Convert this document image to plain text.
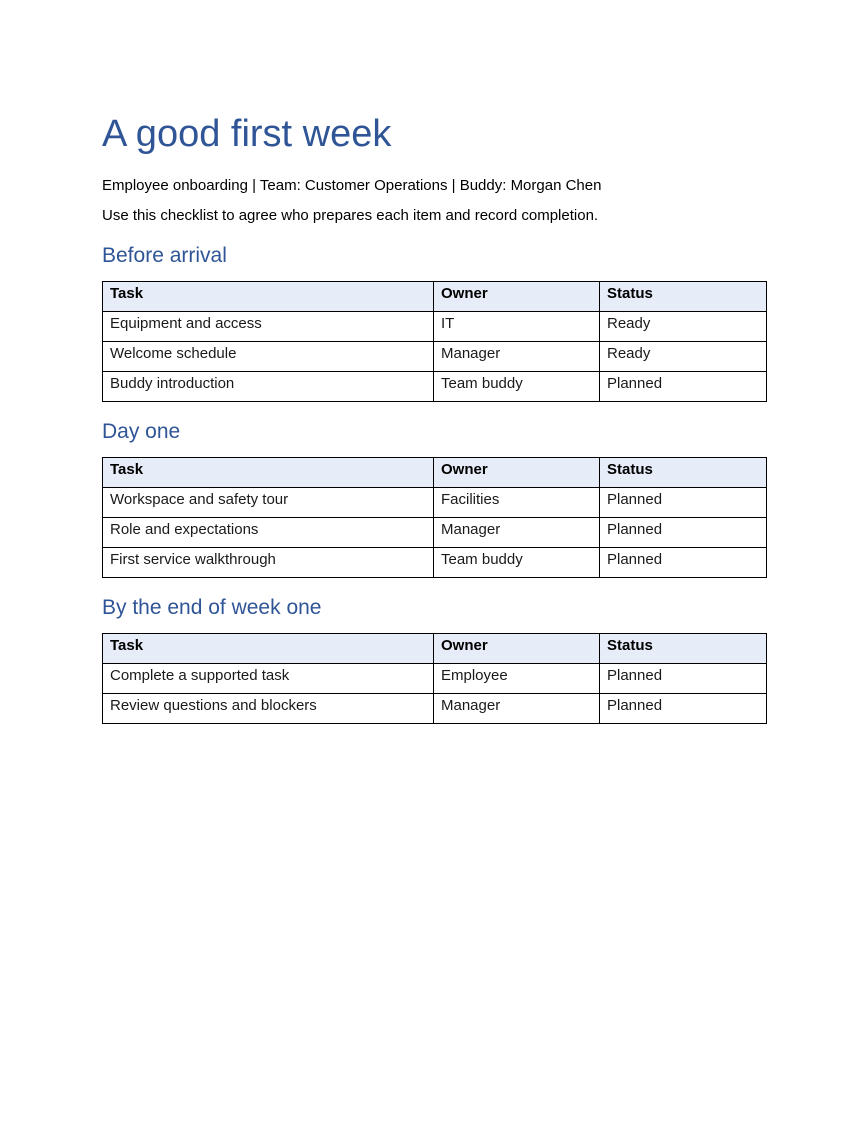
A good first week

Employee onboarding | Team: Customer Operations | Buddy: Morgan Chen

Use this checklist to agree who prepares each item and record completion.

Before arrival
Task	Owner	Status
Equipment and access	IT	Ready
Welcome schedule	Manager	Ready
Buddy introduction	Team buddy	Planned
Day one
Task	Owner	Status
Workspace and safety tour	Facilities	Planned
Role and expectations	Manager	Planned
First service walkthrough	Team buddy	Planned
By the end of week one
Task	Owner	Status
Complete a supported task	Employee	Planned
Review questions and blockers	Manager	Planned
